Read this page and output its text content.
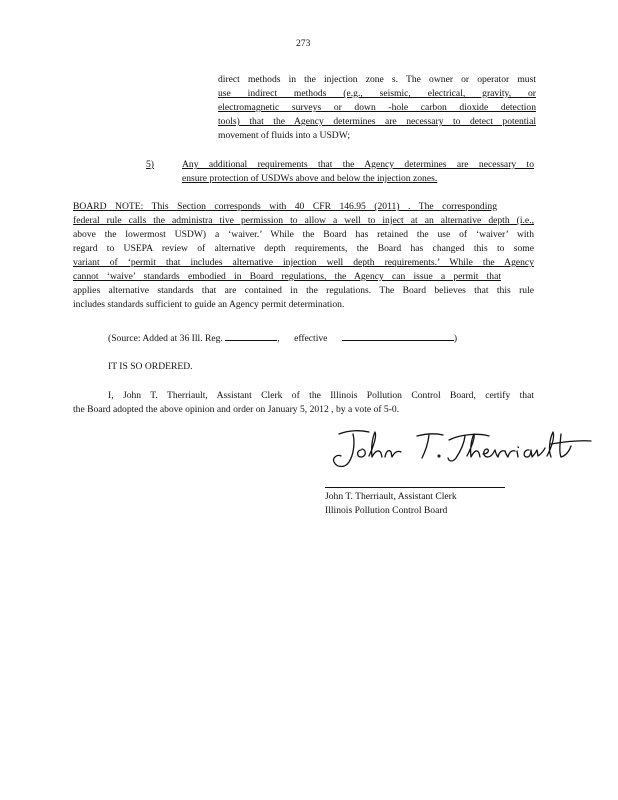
273
direct methods in the injection zone s. The owner or operator must
use indirect methods (e.g., seismic, electrical, gravity, or
electromagnetic surveys or down -hole carbon dioxide detection
tools) that the Agency determines are necessary to detect potential
movement of fluids into a USDW;
5)	Any additional requirements that the Agency determines are necessary to
ensure protection of USDWs above and below the injection zones.
BOARD NOTE: This Section corresponds with 40 CFR 146.95 (2011) . The corresponding
federal rule calls the administra tive permission to allow a well to inject at an alternative depth (i.e.,
above the lowermost USDW) a ‘waiver.’ While the Board has retained the use of ‘waiver’ with
regard to USEPA review of alternative depth requirements, the Board has changed this to some
variant of ‘permit that includes alternative injection well depth requirements.’ While the Agency
cannot ‘waive’ standards embodied in Board regulations, the Agency can issue a permit that
applies alternative standards that are contained in the regulations. The Board believes that this rule
includes standards sufficient to guide an Agency permit determination.
(Source: Added at 36 Ill. Reg.	, effective	)
IT IS SO ORDERED.
I, John T. Therriault, Assistant Clerk of the Illinois Pollution Control Board, certify that
the Board adopted the above opinion and order on January 5, 2012 , by a vote of 5-0.
John T. Therriault, Assistant Clerk
Illinois Pollution Control Board
